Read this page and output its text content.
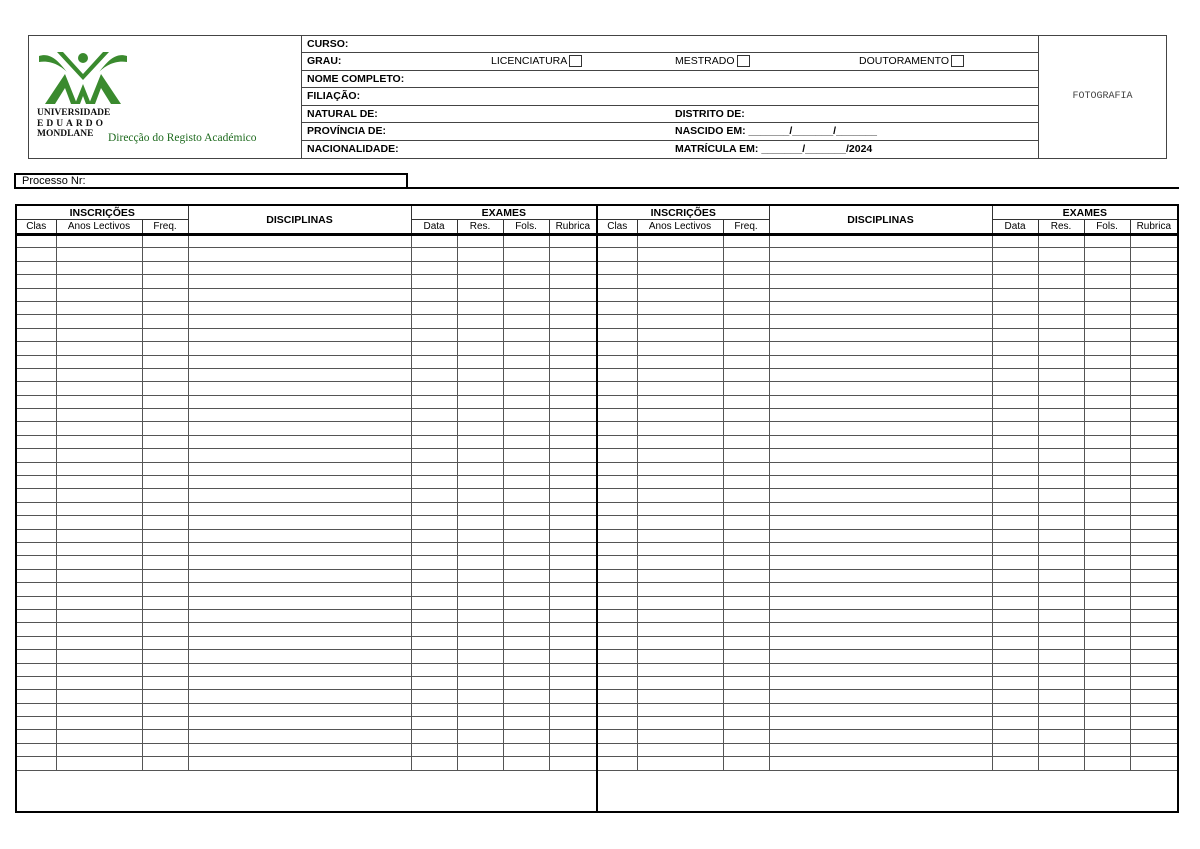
UNIVERSIDADE
EDUARDO
MONDLANE	Direcção do Registo Académico
CURSO:
GRAU:	LICENCIATURA	MESTRADO	DOUTORAMENTO
NOME COMPLETO:
FILIAÇÃO:
NATURAL DE:	DISTRITO DE:
PROVÍNCIA DE:	NASCIDO EM: _______/_______/_______
NACIONALIDADE:	MATRÍCULA EM: _______/_______/2024
FOTOGRAFIA
Processo Nr:
INSCRIÇÕES			DISCIPLINAS	EXAMES			
Clas	Anos Lectivos	Freq.		Data	Res.	Fols.	Rubrica

INSCRIÇÕES			DISCIPLINAS	EXAMES			
Clas	Anos Lectivos	Freq.		Data	Res.	Fols.	Rubrica
